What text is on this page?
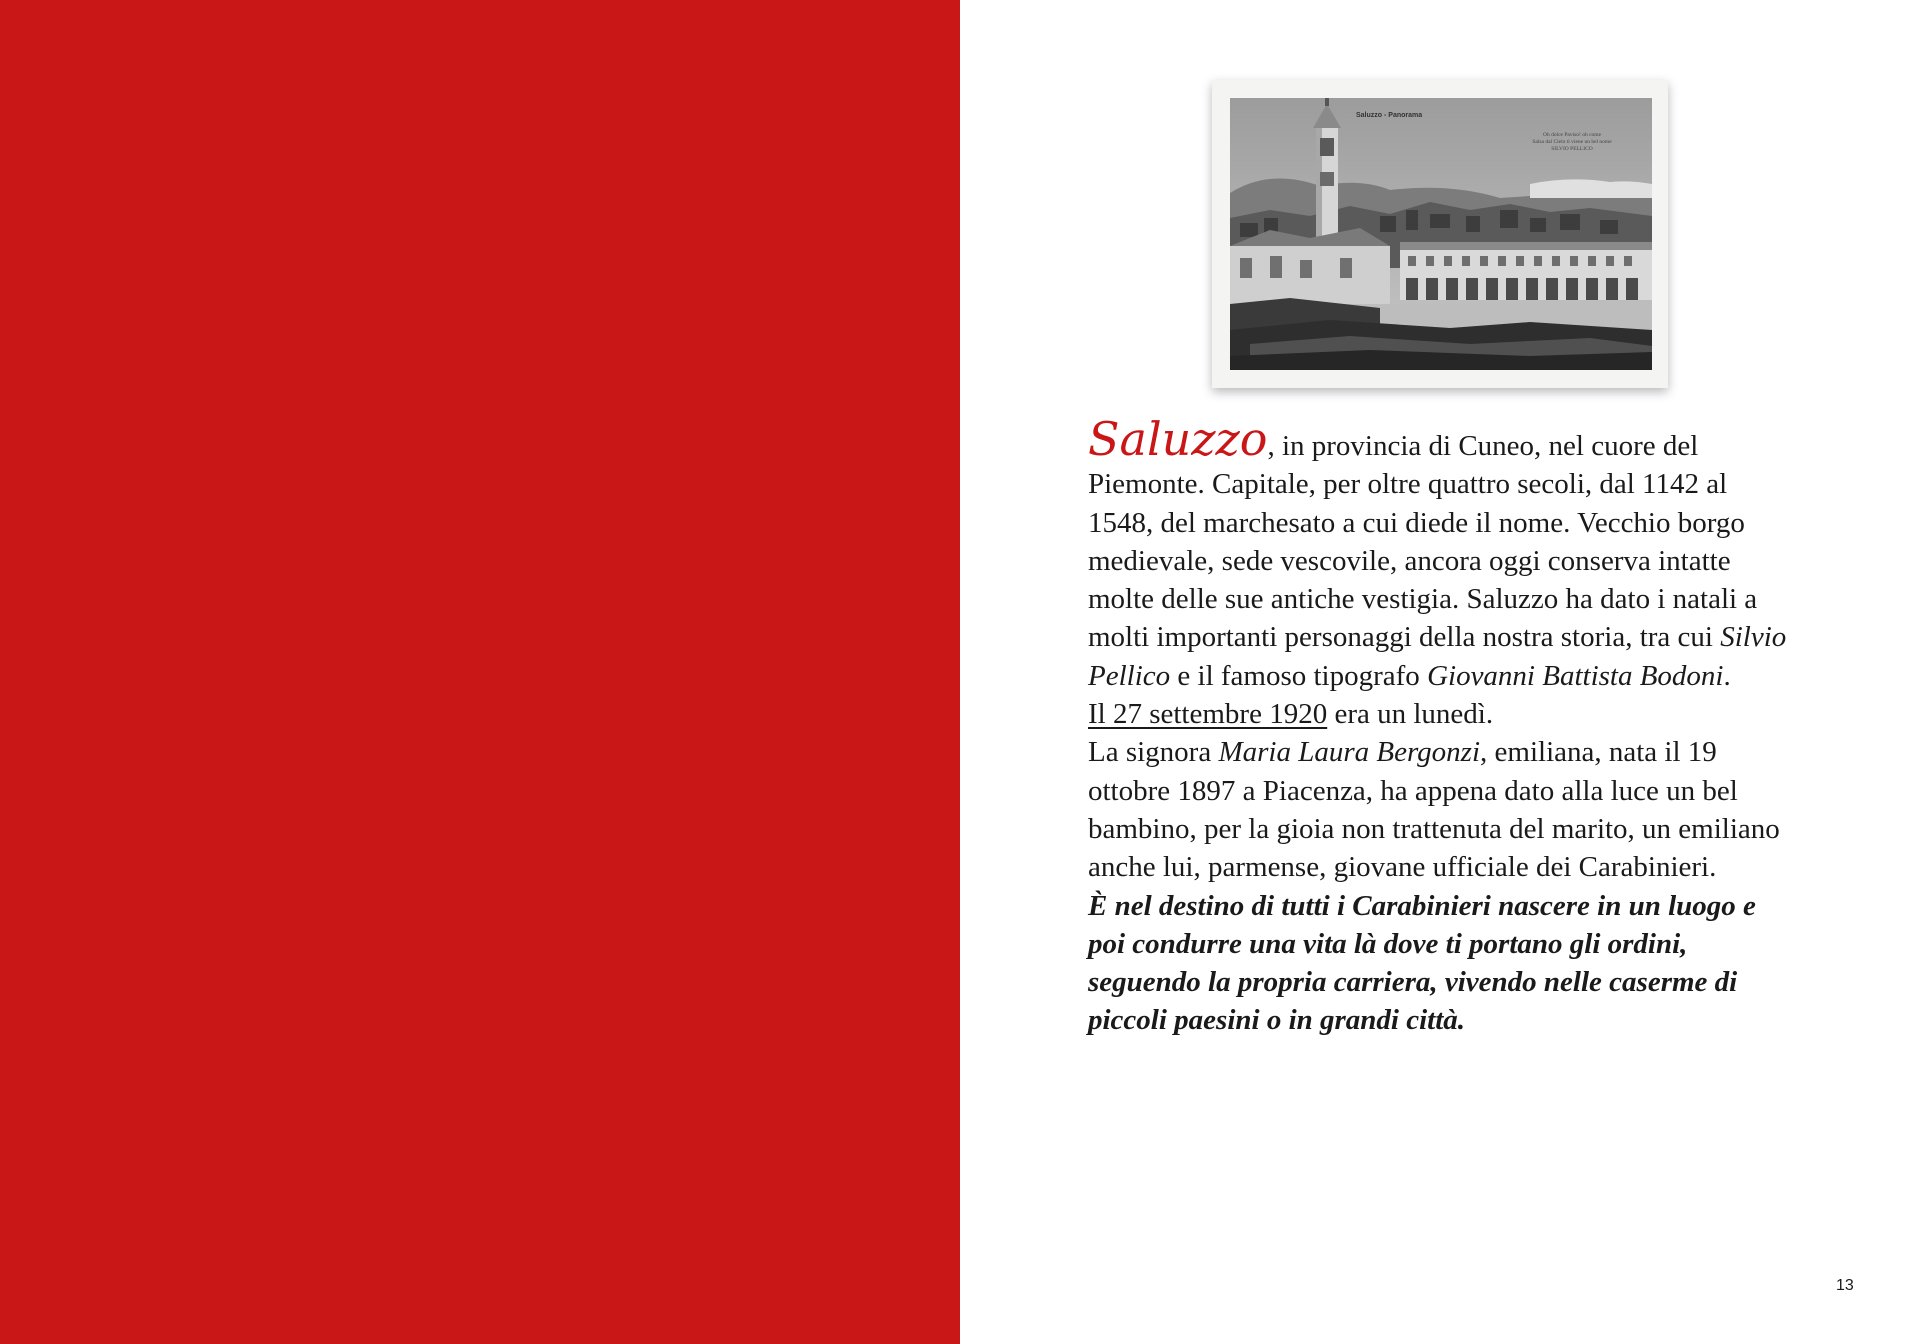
Saluzzo - Panorama
Oh dolce Paviso! oh come
Salsa dal Cielo ti viene un bel nome
SILVIO PELLICO

Saluzzo, in provincia di Cuneo, nel cuore del Piemonte. Capitale, per oltre quattro secoli, dal 1142 al 1548, del marchesato a cui diede il nome. Vecchio borgo medievale, sede vescovile, ancora oggi conserva intatte molte delle sue antiche vestigia. Saluzzo ha dato i natali a molti importanti personaggi della nostra storia, tra cui Silvio Pellico e il famoso tipografo Giovanni Battista Bodoni.

Il 27 settembre 1920 era un lunedì.

La signora Maria Laura Bergonzi, emiliana, nata il 19 ottobre 1897 a Piacenza, ha appena dato alla luce un bel bambino, per la gioia non trattenuta del marito, un emiliano anche lui, parmense, giovane ufficiale dei Carabinieri.

È nel destino di tutti i Carabinieri nascere in un luogo e poi condurre una vita là dove ti portano gli ordini, seguendo la propria carriera, vivendo nelle caserme di piccoli paesini o in grandi città.

13
